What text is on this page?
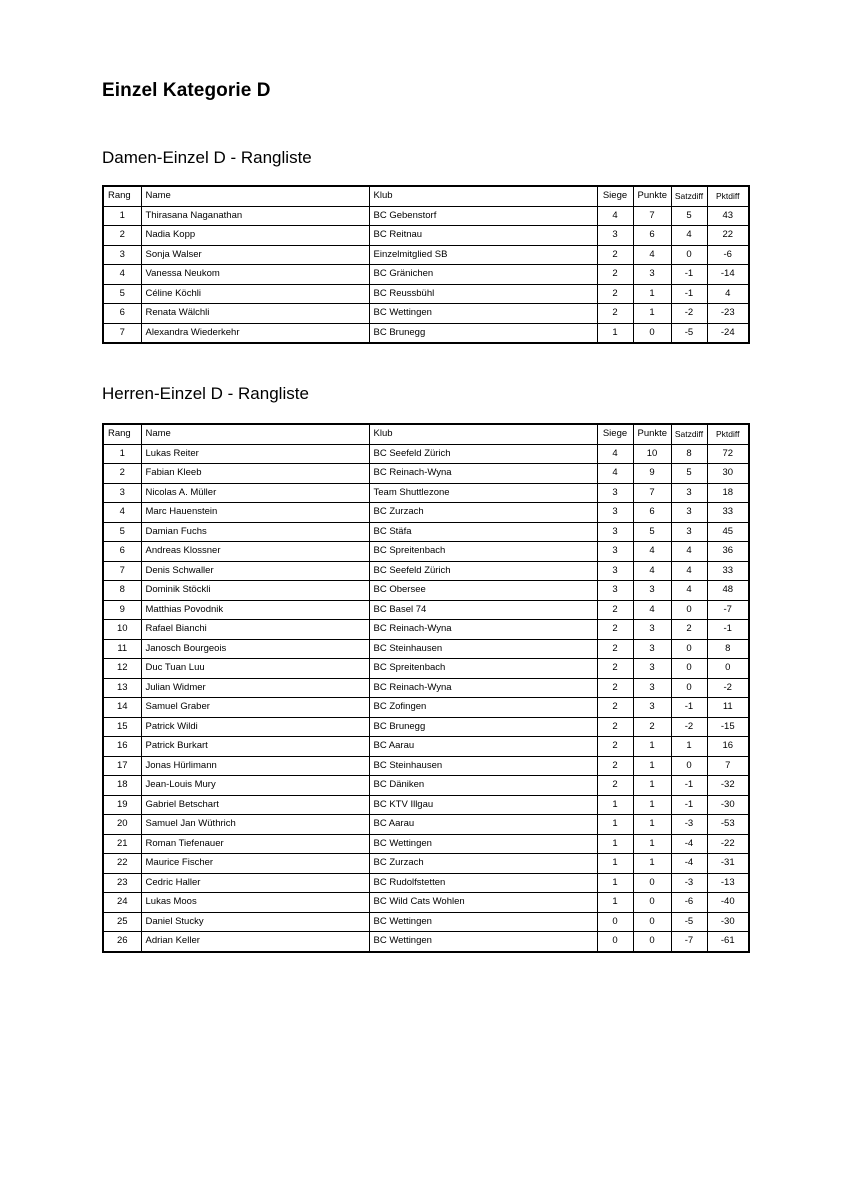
Einzel Kategorie D
Damen-Einzel D - Rangliste
Rang	Name	Klub	Siege	Punkte	Satzdiff	Pktdiff
1	Thirasana Naganathan	BC Gebenstorf	4	7	5	43
2	Nadia Kopp	BC Reitnau	3	6	4	22
3	Sonja Walser	Einzelmitglied SB	2	4	0	-6
4	Vanessa Neukom	BC Gränichen	2	3	-1	-14
5	Céline Köchli	BC Reussbühl	2	1	-1	4
6	Renata Wälchli	BC Wettingen	2	1	-2	-23
7	Alexandra Wiederkehr	BC Brunegg	1	0	-5	-24
Herren-Einzel D - Rangliste
Rang	Name	Klub	Siege	Punkte	Satzdiff	Pktdiff
1	Lukas Reiter	BC Seefeld Zürich	4	10	8	72
2	Fabian Kleeb	BC Reinach-Wyna	4	9	5	30
3	Nicolas A. Müller	Team Shuttlezone	3	7	3	18
4	Marc Hauenstein	BC Zurzach	3	6	3	33
5	Damian Fuchs	BC Stäfa	3	5	3	45
6	Andreas Klossner	BC Spreitenbach	3	4	4	36
7	Denis Schwaller	BC Seefeld Zürich	3	4	4	33
8	Dominik Stöckli	BC Obersee	3	3	4	48
9	Matthias Povodnik	BC Basel 74	2	4	0	-7
10	Rafael Bianchi	BC Reinach-Wyna	2	3	2	-1
11	Janosch Bourgeois	BC Steinhausen	2	3	0	8
12	Duc Tuan Luu	BC Spreitenbach	2	3	0	0
13	Julian Widmer	BC Reinach-Wyna	2	3	0	-2
14	Samuel Graber	BC Zofingen	2	3	-1	11
15	Patrick Wildi	BC Brunegg	2	2	-2	-15
16	Patrick Burkart	BC Aarau	2	1	1	16
17	Jonas Hürlimann	BC Steinhausen	2	1	0	7
18	Jean-Louis Mury	BC Däniken	2	1	-1	-32
19	Gabriel Betschart	BC KTV Illgau	1	1	-1	-30
20	Samuel Jan Wüthrich	BC Aarau	1	1	-3	-53
21	Roman Tiefenauer	BC Wettingen	1	1	-4	-22
22	Maurice Fischer	BC Zurzach	1	1	-4	-31
23	Cedric Haller	BC Rudolfstetten	1	0	-3	-13
24	Lukas Moos	BC Wild Cats Wohlen	1	0	-6	-40
25	Daniel Stucky	BC Wettingen	0	0	-5	-30
26	Adrian Keller	BC Wettingen	0	0	-7	-61
